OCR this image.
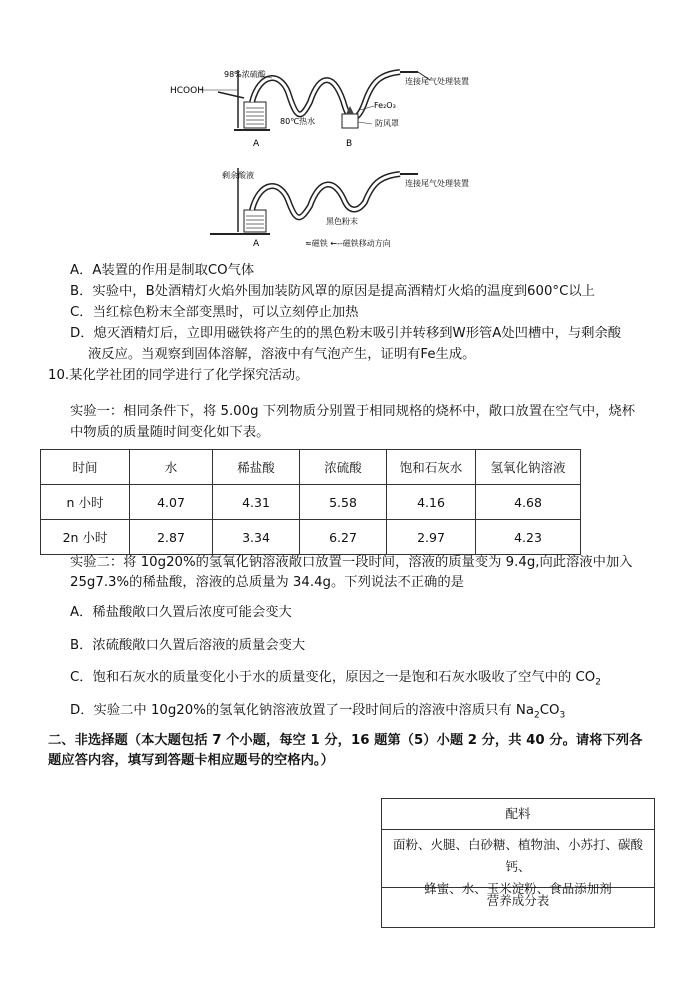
HCOOH
98%浓硫酸
连接尾气处理装置
Fe₂O₃
防风罩
80℃热水
A	B
剩余酸液
连接尾气处理装置
黑色粉末
A	≈磁铁 ←--磁铁移动方向
A．A装置的作用是制取CO气体
B．实验中，B处酒精灯火焰外围加装防风罩的原因是提高酒精灯火焰的温度到600°C以上
C．当红棕色粉末全部变黑时，可以立刻停止加热
D．熄灭酒精灯后，立即用磁铁将产生的的黑色粉末吸引并转移到W形管A处凹槽中，与剩余酸
液反应。当观察到固体溶解，溶液中有气泡产生，证明有Fe生成。
10.某化学社团的同学进行了化学探究活动。
实验一：相同条件下，将 5.00g 下列物质分别置于相同规格的烧杯中，敞口放置在空气中，烧杯
中物质的质量随时间变化如下表。
时间	水	稀盐酸	浓硫酸	饱和石灰水	氢氧化钠溶液
n 小时	4.07	4.31	5.58	4.16	4.68
2n 小时	2.87	3.34	6.27	2.97	4.23
实验二：将 10g20%的氢氧化钠溶液敞口放置一段时间，溶液的质量变为 9.4g,向此溶液中加入
25g7.3%的稀盐酸，溶液的总质量为 34.4g。下列说法不正确的是
A．稀盐酸敞口久置后浓度可能会变大
B．浓硫酸敞口久置后溶液的质量会变大
C．饱和石灰水的质量变化小于水的质量变化，原因之一是饱和石灰水吸收了空气中的 $CO_2$
D．实验二中 10g20%的氢氧化钠溶液放置了一段时间后的溶液中溶质只有 $Na_2CO_3$
二、非选择题（本大题包括 7 个小题，每空 1 分，16 题第（5）小题 2 分，共 40 分。请将下列各
题应答内容，填写到答题卡相应题号的空格内。）
配料
面粉、火腿、白砂糖、植物油、小苏打、碳酸钙、
蜂蜜、水、玉米淀粉、食品添加剂
营养成分表
